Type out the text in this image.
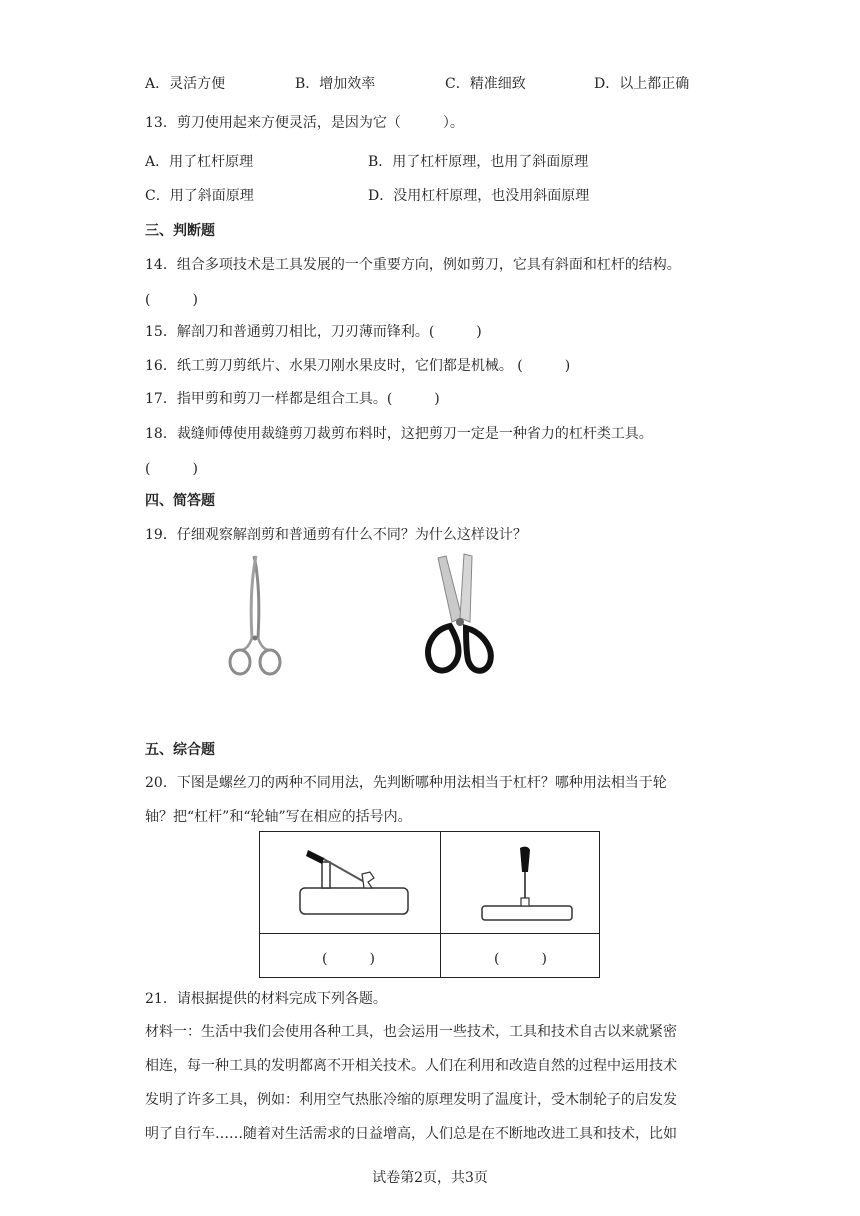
A．灵活方便	B．增加效率	C．精准细致	D．以上都正确
13．剪刀使用起来方便灵活，是因为它（　　　）。
A．用了杠杆原理	B．用了杠杆原理，也用了斜面原理
C．用了斜面原理	D．没用杠杆原理，也没用斜面原理
三、判断题
14．组合多项技术是工具发展的一个重要方向，例如剪刀，它具有斜面和杠杆的结构。
(　　　)
15．解剖刀和普通剪刀相比，刀刃薄而锋利。(　　　)
16．纸工剪刀剪纸片、水果刀刚水果皮时，它们都是机械。 (　　　)
17．指甲剪和剪刀一样都是组合工具。(　　　)
18．裁缝师傅使用裁缝剪刀裁剪布料时，这把剪刀一定是一种省力的杠杆类工具。
(　　　)
四、简答题
19．仔细观察解剖剪和普通剪有什么不同？为什么这样设计？
五、综合题
20．下图是螺丝刀的两种不同用法，先判断哪种用法相当于杠杆？哪种用法相当于轮
轴？把“杠杆”和“轮轴”写在相应的括号内。
(　　　)	(　　　)
21．请根据提供的材料完成下列各题。
材料一：生活中我们会使用各种工具，也会运用一些技术，工具和技术自古以来就紧密
相连，每一种工具的发明都离不开相关技术。人们在利用和改造自然的过程中运用技术
发明了许多工具，例如：利用空气热胀冷缩的原理发明了温度计，受木制轮子的启发发
明了自行车……随着对生活需求的日益增高，人们总是在不断地改进工具和技术，比如
试卷第2页，共3页
